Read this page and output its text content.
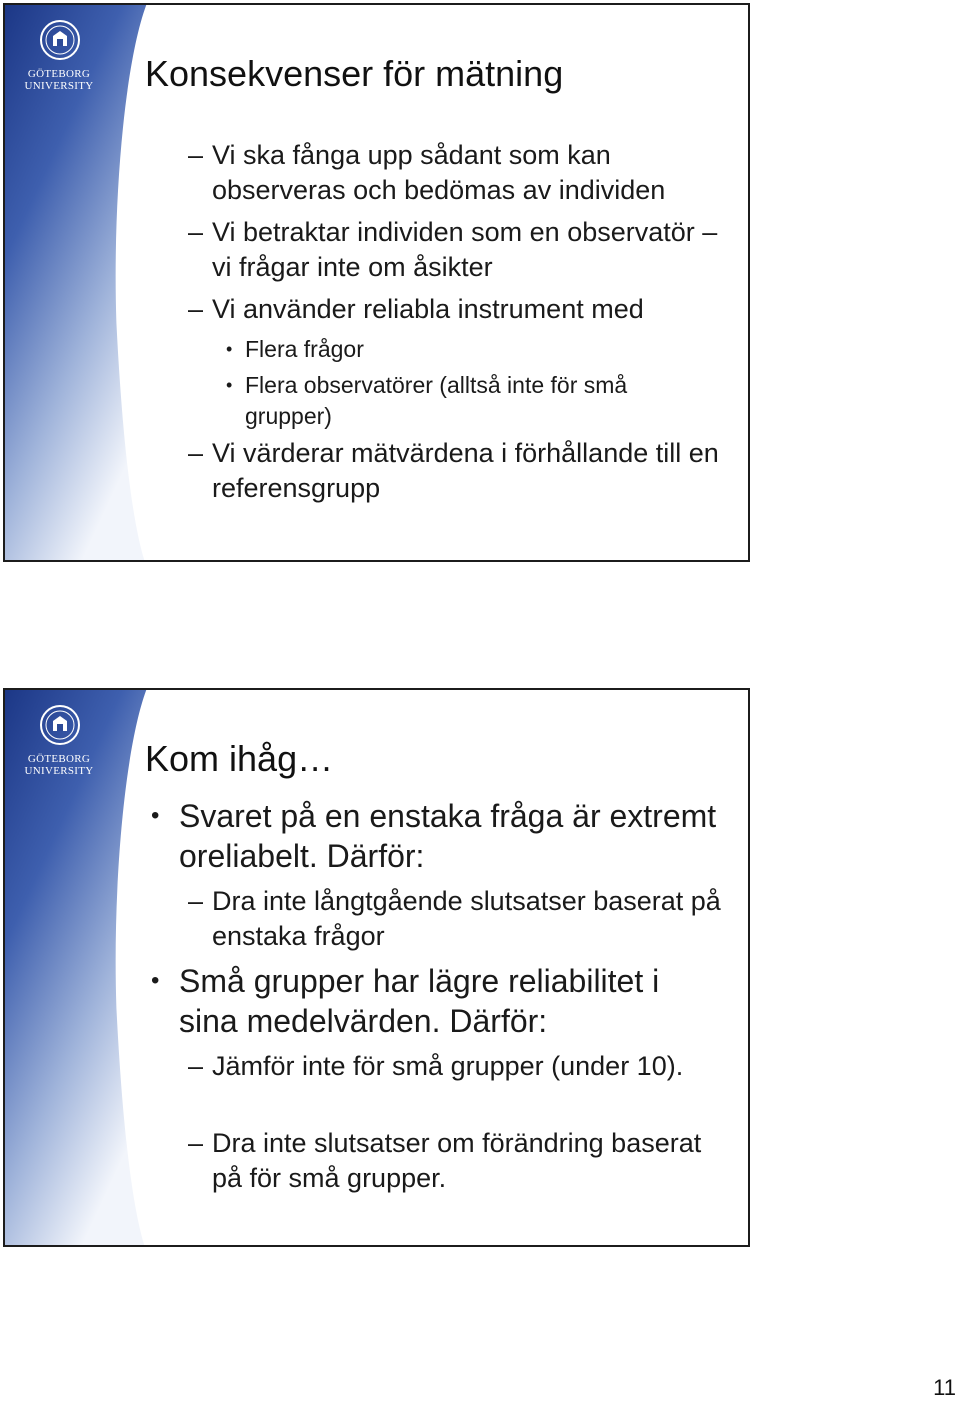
GÖTEBORG
UNIVERSITY Konsekvenser för mätning
– Vi ska fånga upp sådant som kan observeras och bedömas av individen
– Vi betraktar individen som en observatör – vi frågar inte om åsikter
– Vi använder reliabla instrument med
• Flera frågor
• Flera observatörer (alltså inte för små grupper)
– Vi värderar mätvärdena i förhållande till en referensgrupp
GÖTEBORG
UNIVERSITY Kom ihåg…
• Svaret på en enstaka fråga är extremt oreliabelt. Därför:
– Dra inte långtgående slutsatser baserat på enstaka frågor
• Små grupper har lägre reliabilitet i sina medelvärden. Därför:
– Jämför inte för små grupper (under 10).
– Dra inte slutsatser om förändring baserat på för små grupper.
11
